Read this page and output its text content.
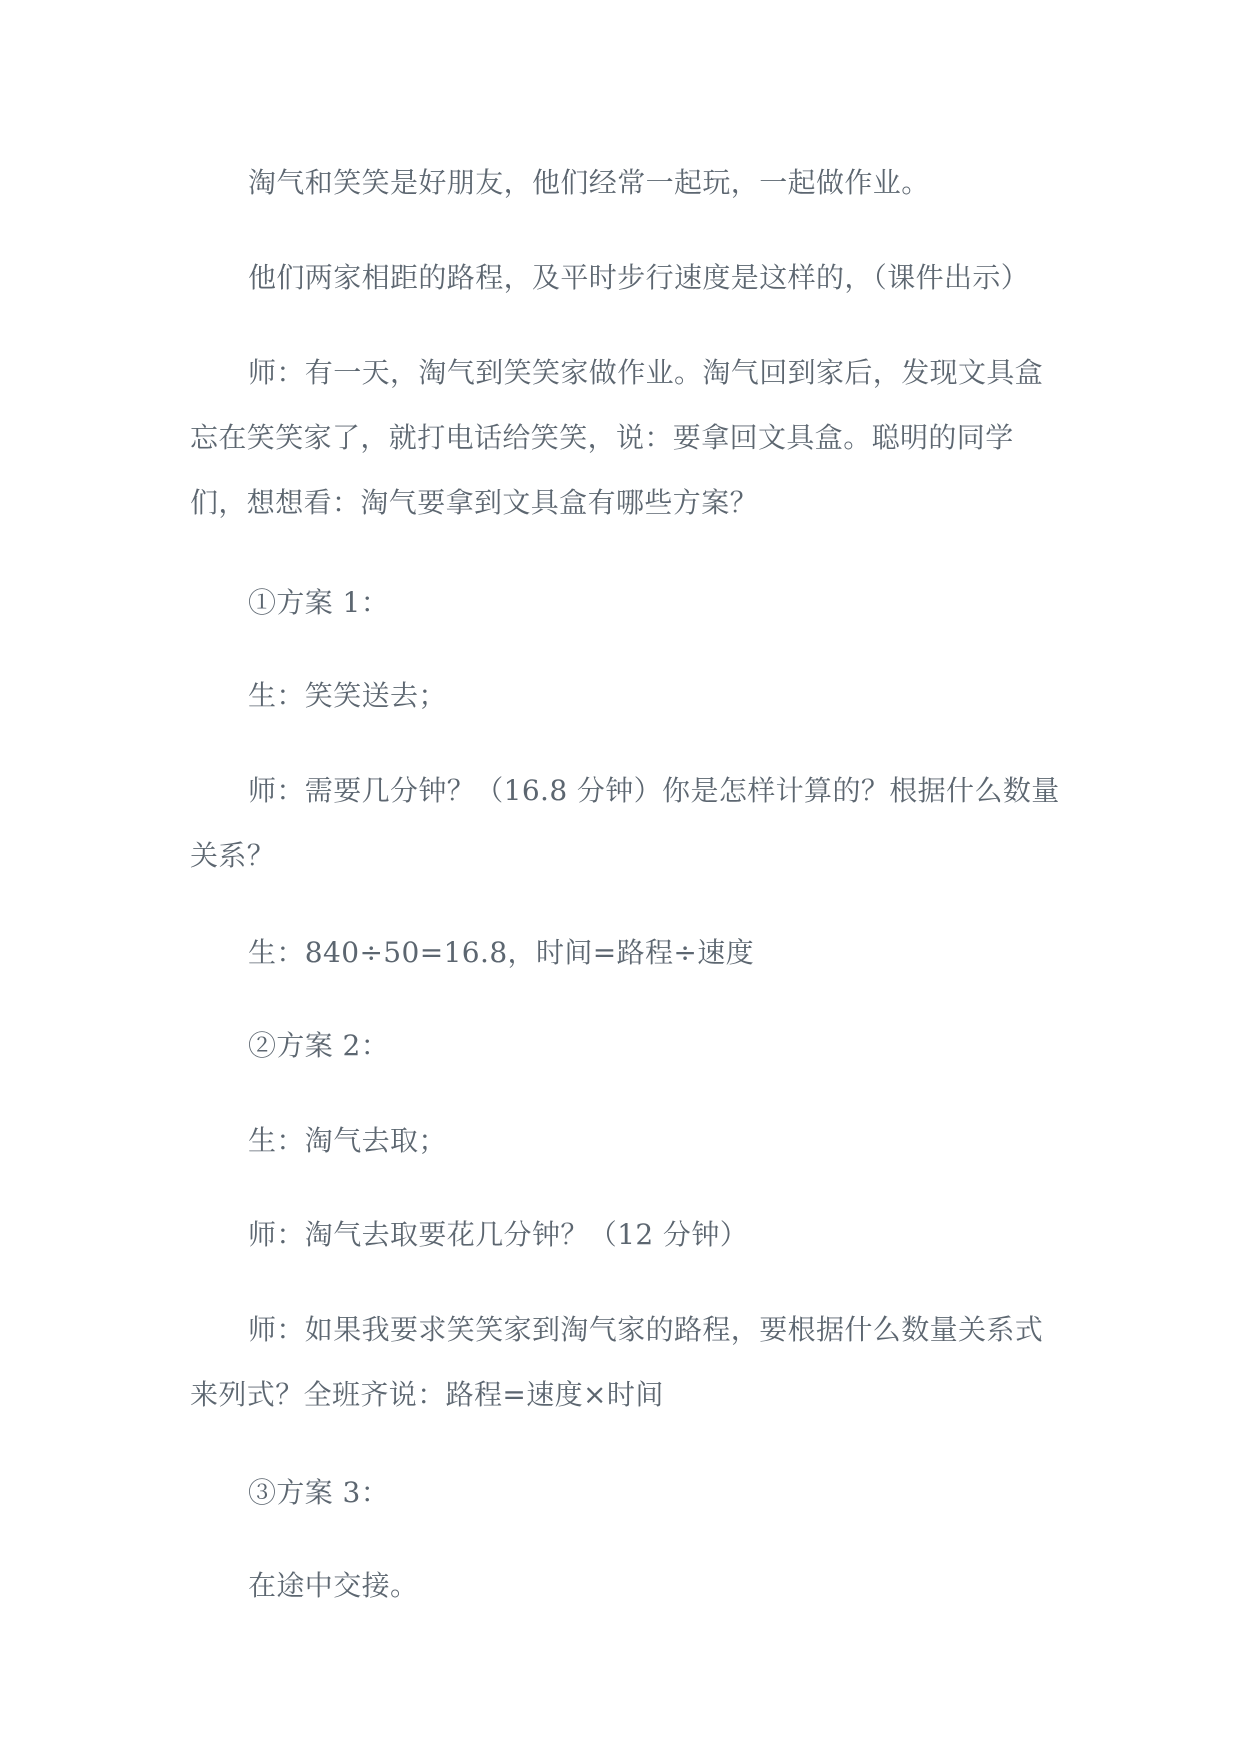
淘气和笑笑是好朋友，他们经常一起玩，一起做作业。

他们两家相距的路程，及平时步行速度是这样的，（课件出示）

师：有一天，淘气到笑笑家做作业。淘气回到家后，发现文具盒忘在笑笑家了，就打电话给笑笑，说：要拿回文具盒。聪明的同学们，想想看：淘气要拿到文具盒有哪些方案？

①方案 1：

生：笑笑送去；

师：需要几分钟？（16.8 分钟）你是怎样计算的？根据什么数量关系？

生：840÷50=16.8，时间=路程÷速度

②方案 2：

生：淘气去取；

师：淘气去取要花几分钟？（12 分钟）

师：如果我要求笑笑家到淘气家的路程，要根据什么数量关系式来列式？全班齐说：路程=速度×时间

③方案 3：

在途中交接。
